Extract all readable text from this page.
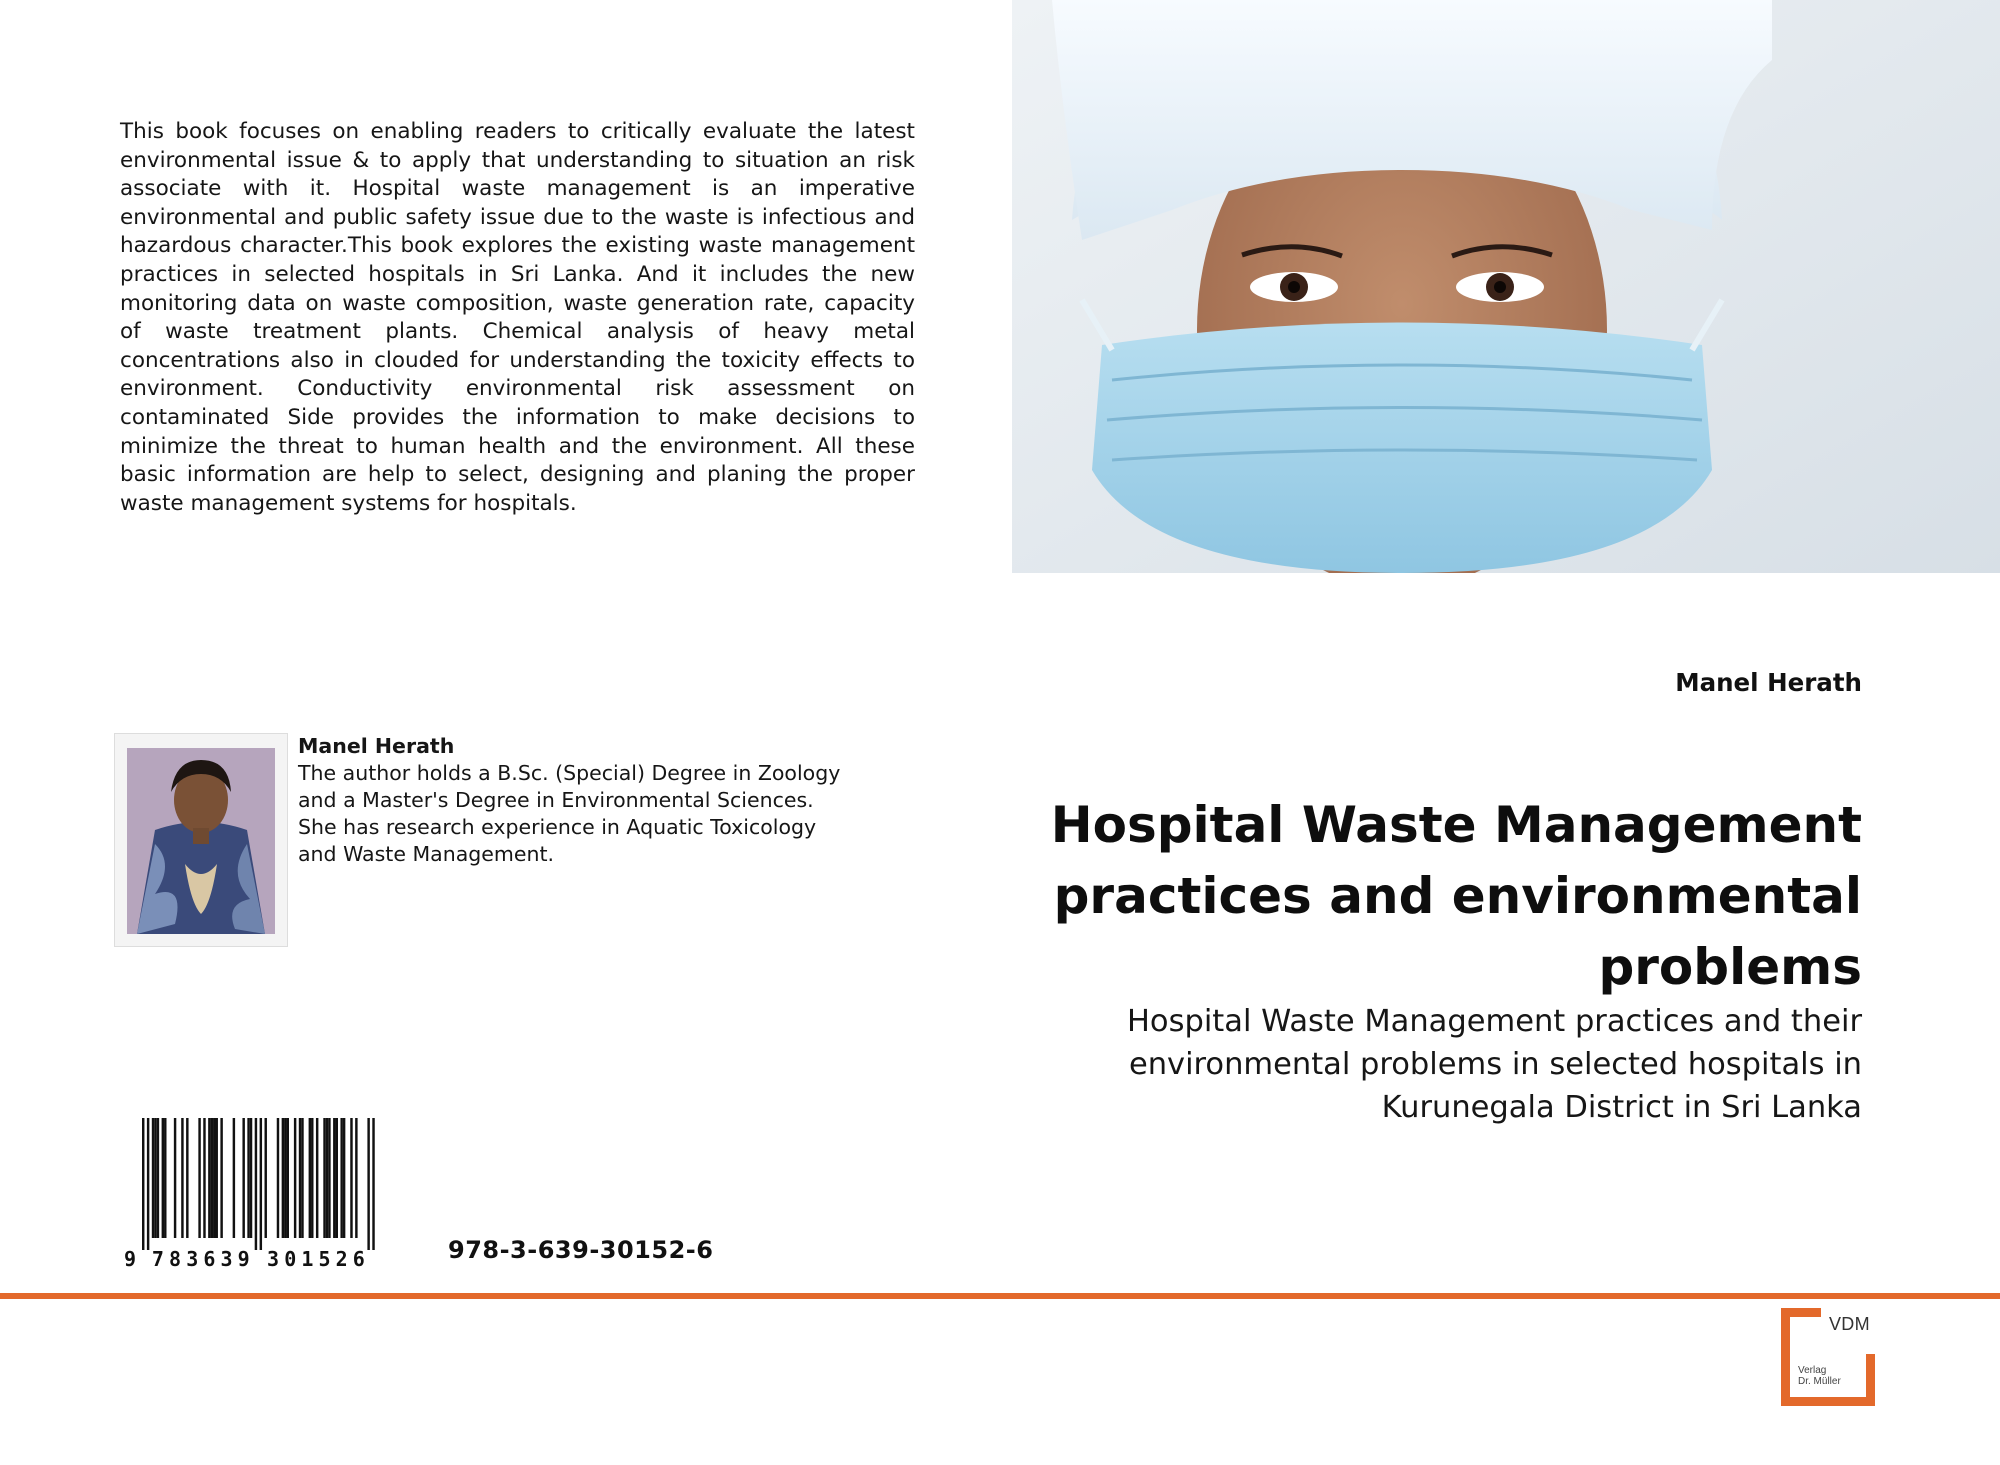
This book focuses on enabling readers to critically evaluate the latest environmental issue & to apply that understanding to situation an risk associate with it. Hospital waste management is an imperative environmental and public safety issue due to the waste is infectious and hazardous character.This book explores the existing waste management practices in selected hospitals in Sri Lanka. And it includes the new monitoring data on waste composition, waste generation rate, capacity of waste treatment plants. Chemical analysis of heavy metal concentrations also in clouded for understanding the toxicity effects to environment. Conductivity environmental risk assessment on contaminated Side provides the information to make decisions to minimize the threat to human health and the environment. All these basic information are help to select, designing and planing the proper waste management systems for hospitals.

Manel Herath

The author holds a B.Sc. (Special) Degree in Zoology and a Master's Degree in Environmental Sciences. She has research experience in Aquatic Toxicology and Waste Management.

9 7 8 3 6 3 9 3 0 1 5 2 6	978-3-639-30152-6
Manel Herath
Hospital Waste Management practices and environmental problems

Hospital Waste Management practices and their environmental problems in selected hospitals in Kurunegala District in Sri Lanka

VDM
Verlag
Dr. Müller
